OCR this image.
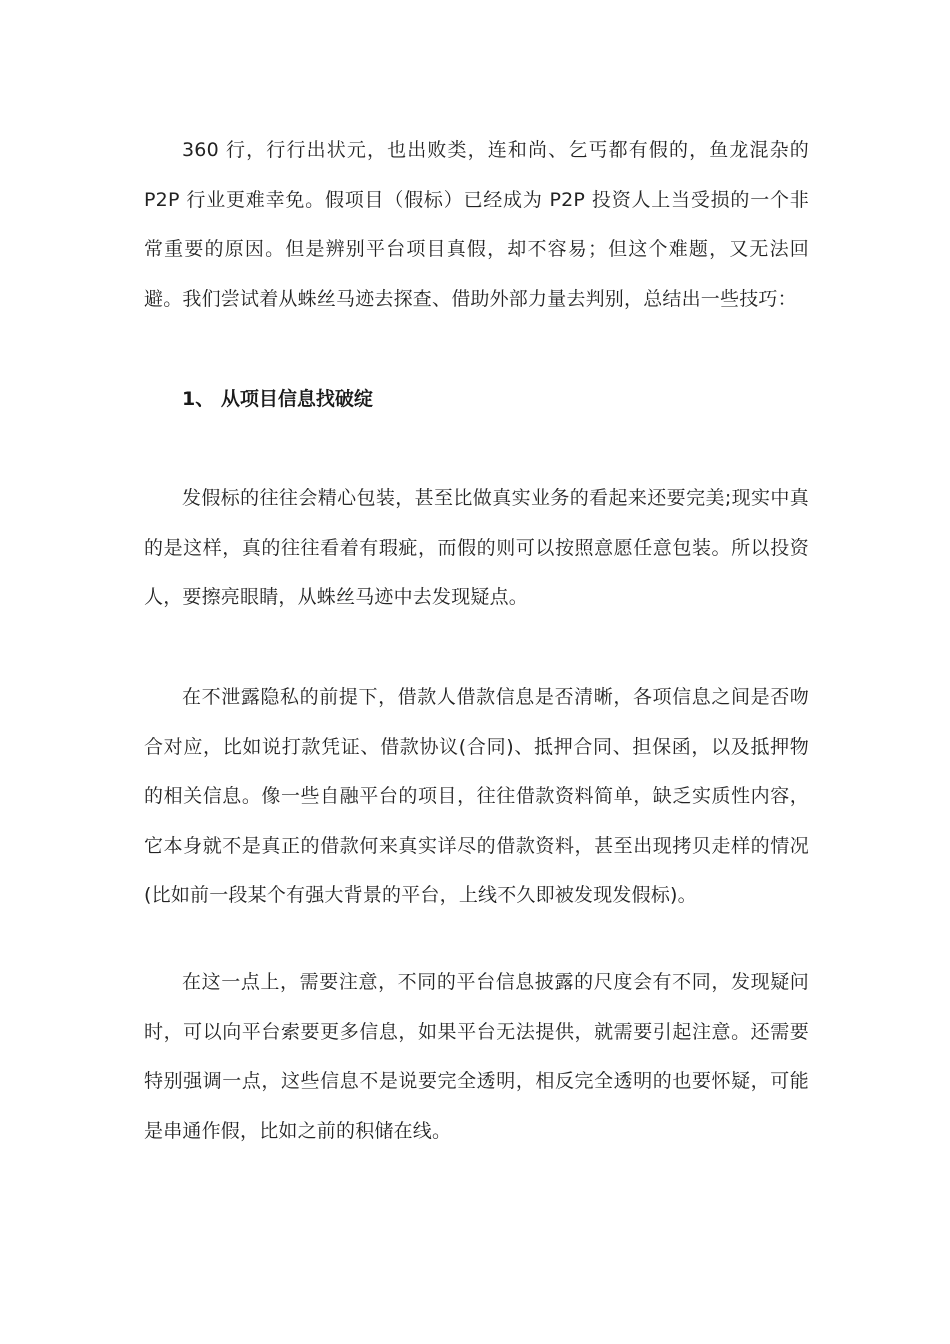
360 行，行行出状元，也出败类，连和尚、乞丐都有假的，鱼龙混杂的 P2P 行业更难幸免。假项目（假标）已经成为 P2P 投资人上当受损的一个非常重要的原因。但是辨别平台项目真假，却不容易；但这个难题，又无法回避。我们尝试着从蛛丝马迹去探查、借助外部力量去判别，总结出一些技巧：

1、 从项目信息找破绽

发假标的往往会精心包装，甚至比做真实业务的看起来还要完美;现实中真的是这样，真的往往看着有瑕疵，而假的则可以按照意愿任意包装。所以投资人，要擦亮眼睛，从蛛丝马迹中去发现疑点。

在不泄露隐私的前提下，借款人借款信息是否清晰，各项信息之间是否吻合对应，比如说打款凭证、借款协议(合同)、抵押合同、担保函，以及抵押物的相关信息。像一些自融平台的项目，往往借款资料简单，缺乏实质性内容，它本身就不是真正的借款何来真实详尽的借款资料，甚至出现拷贝走样的情况(比如前一段某个有强大背景的平台，上线不久即被发现发假标)。

在这一点上，需要注意，不同的平台信息披露的尺度会有不同，发现疑问时，可以向平台索要更多信息，如果平台无法提供，就需要引起注意。还需要特别强调一点，这些信息不是说要完全透明，相反完全透明的也要怀疑，可能是串通作假，比如之前的积储在线。
